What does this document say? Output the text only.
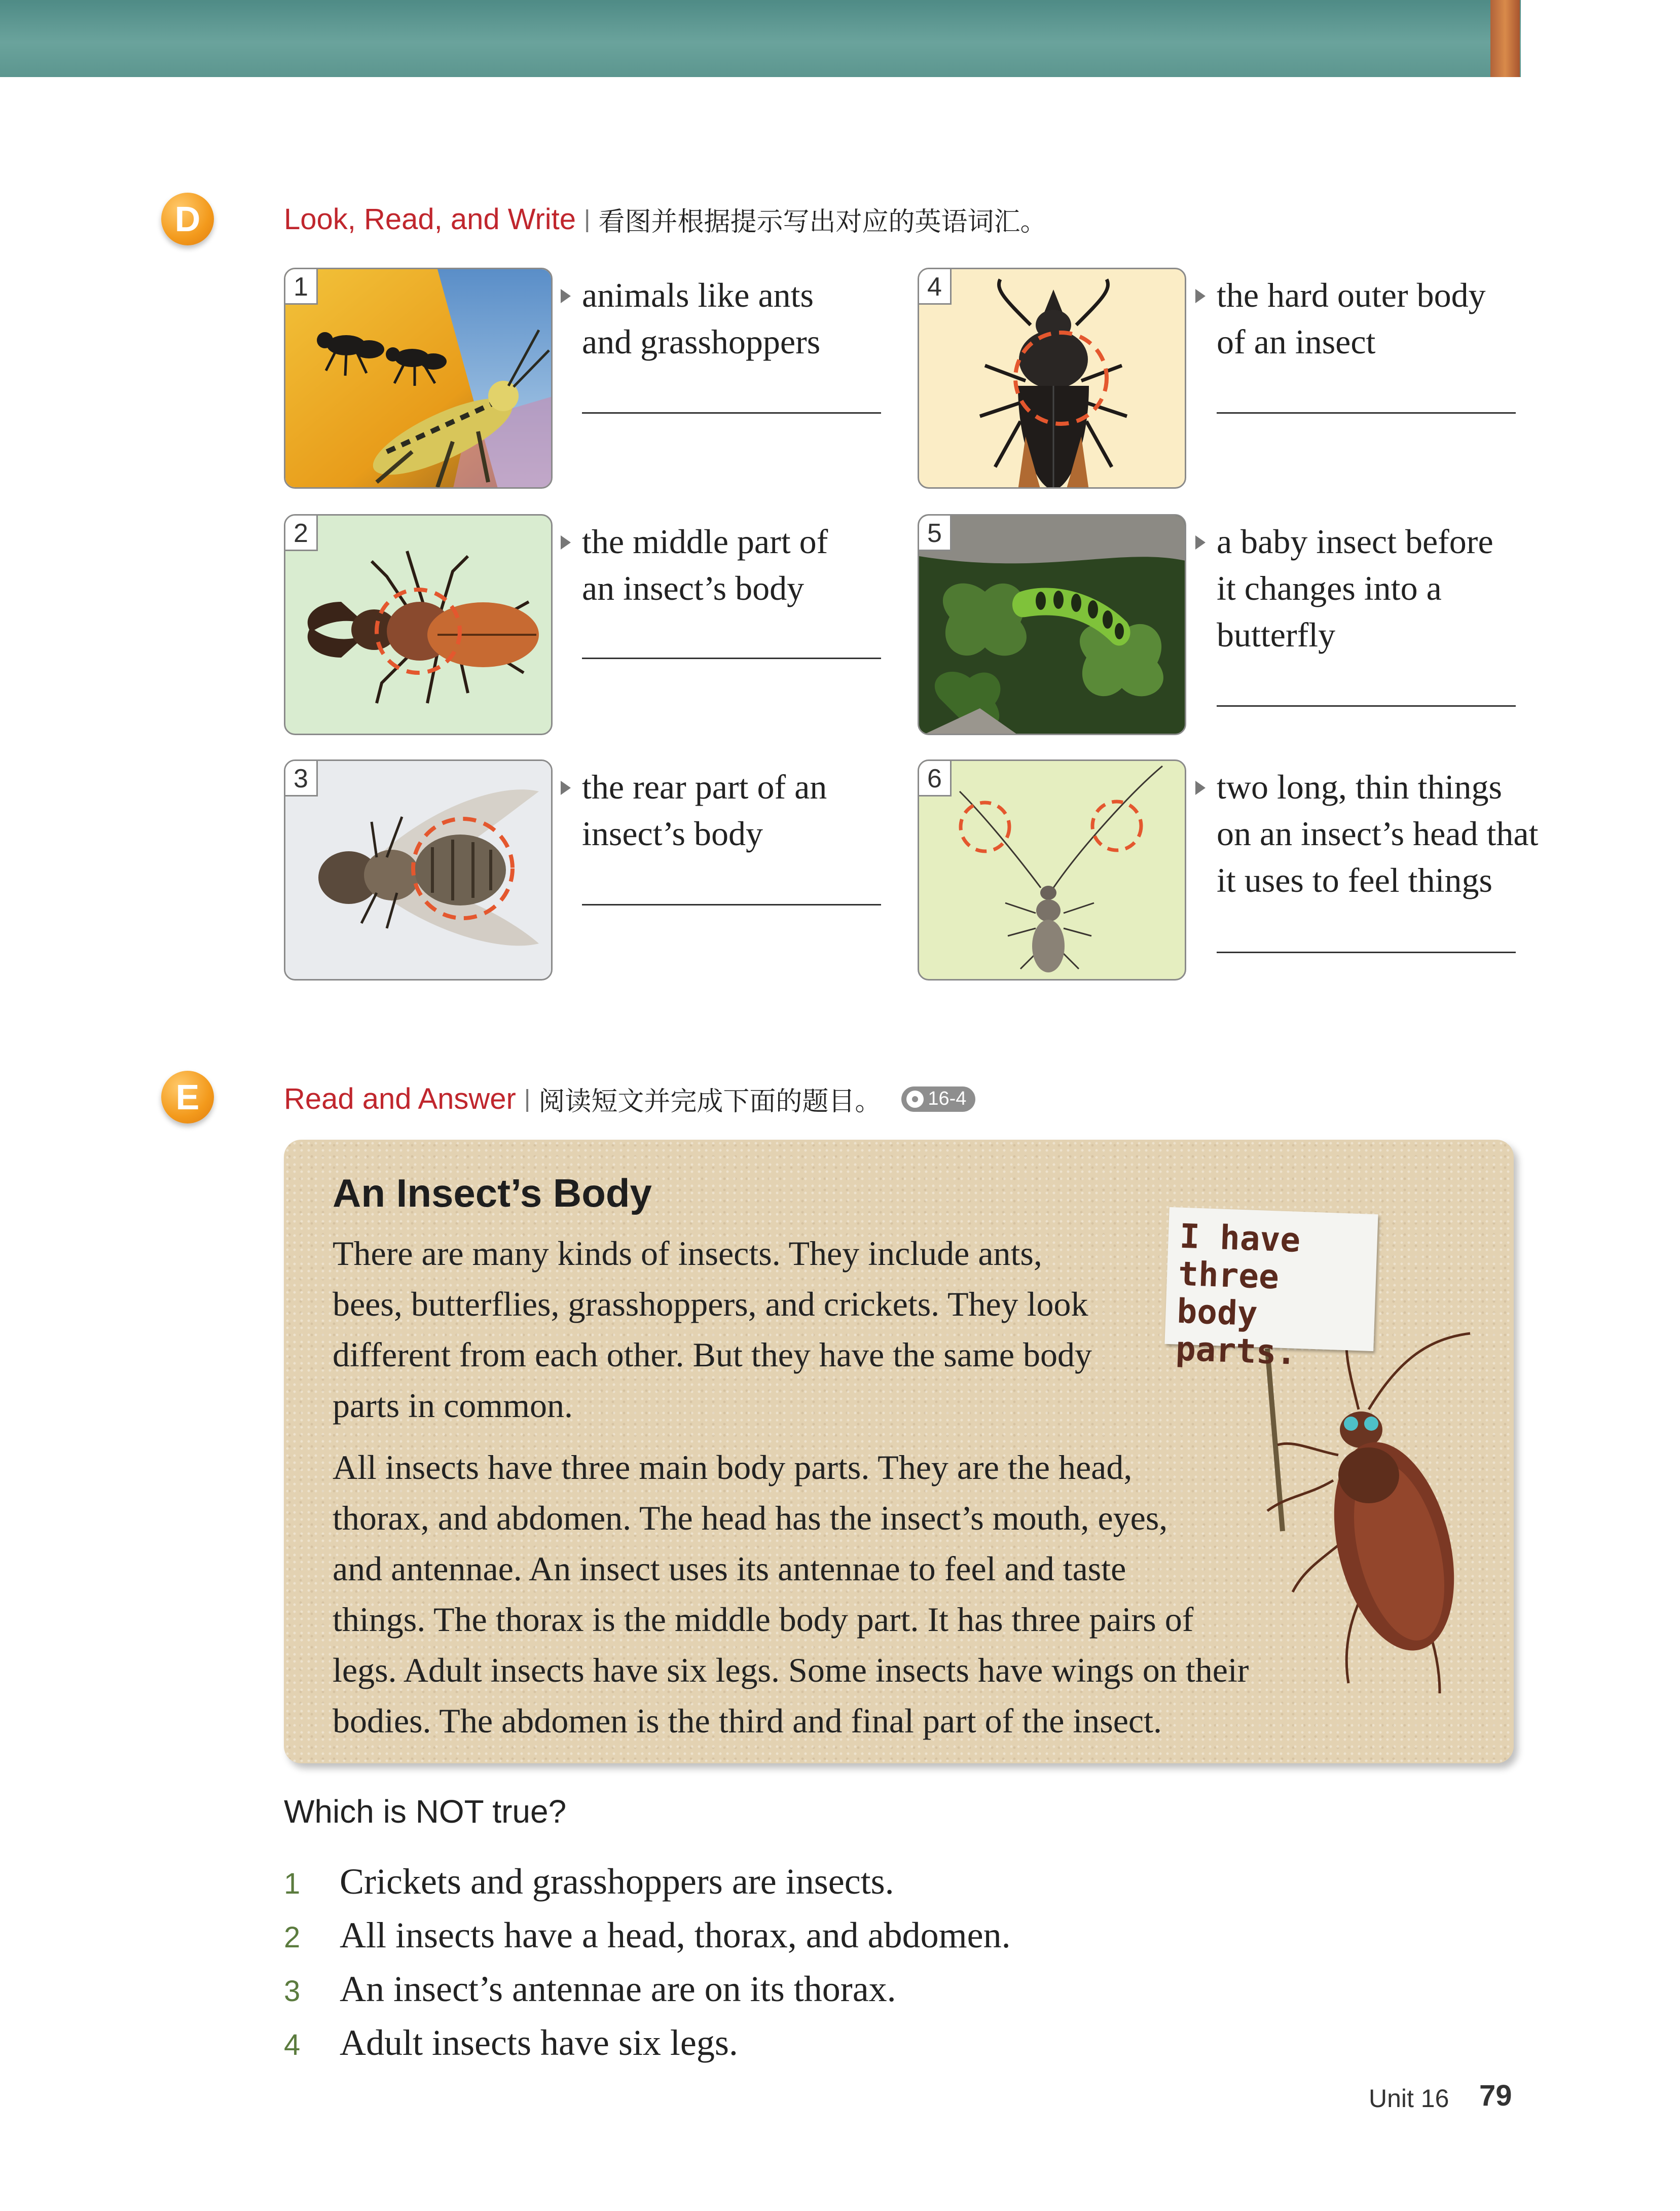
D	Look, Read, and Write | 看图并根据提示写出对应的英语词汇。
1	animals like ants
and grasshoppers
2	the middle part of
an insect’s body
3	the rear part of an
insect’s body
4	the hard outer body
of an insect
5	a baby insect before
it changes into a
butterfly
6	two long, thin things
on an insect’s head that
it uses to feel things
E	Read and Answer | 阅读短文并完成下面的题目。 16-4
An Insect’s Body
There are many kinds of insects. They include ants,
bees, butterflies, grasshoppers, and crickets. They look
different from each other. But they have the same body
parts in common.
All insects have three main body parts. They are the head,
thorax, and abdomen. The head has the insect’s mouth, eyes,
and antennae. An insect uses its antennae to feel and taste
things. The thorax is the middle body part. It has three pairs of
legs. Adult insects have six legs. Some insects have wings on their
bodies. The abdomen is the third and final part of the insect.
I have
three
body parts.
Which is NOT true?
1	Crickets and grasshoppers are insects.
2	All insects have a head, thorax, and abdomen.
3	An insect’s antennae are on its thorax.
4	Adult insects have six legs.
Unit 16 79
